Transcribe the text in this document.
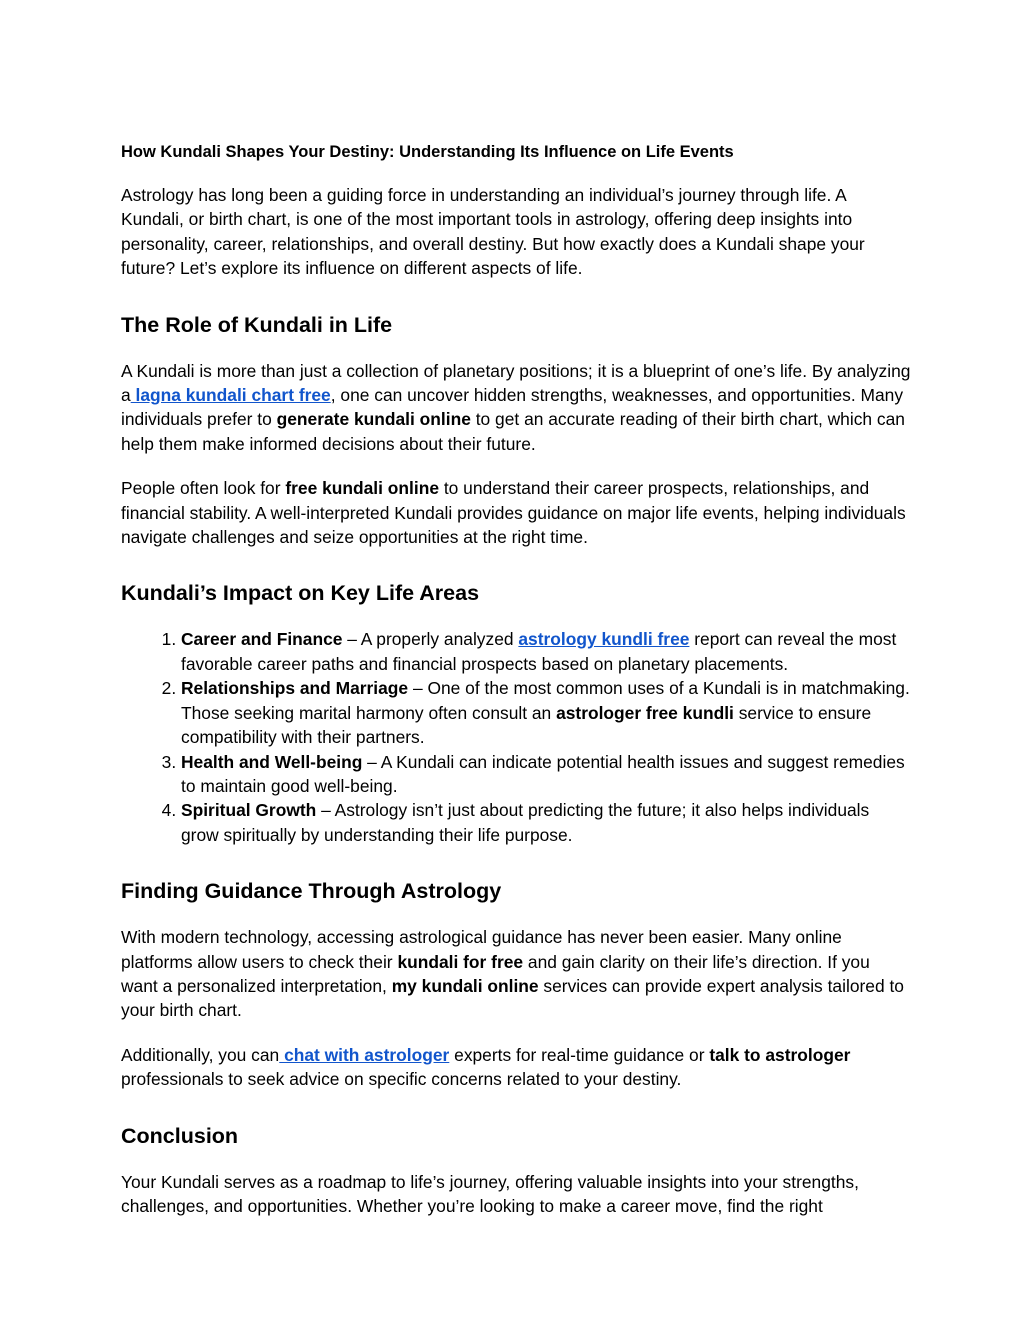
How Kundali Shapes Your Destiny: Understanding Its Influence on Life Events

Astrology has long been a guiding force in understanding an individual’s journey through life. A Kundali, or birth chart, is one of the most important tools in astrology, offering deep insights into personality, career, relationships, and overall destiny. But how exactly does a Kundali shape your future? Let’s explore its influence on different aspects of life.

The Role of Kundali in Life

A Kundali is more than just a collection of planetary positions; it is a blueprint of one’s life. By analyzing a lagna kundali chart free, one can uncover hidden strengths, weaknesses, and opportunities. Many individuals prefer to generate kundali online to get an accurate reading of their birth chart, which can help them make informed decisions about their future.

People often look for free kundali online to understand their career prospects, relationships, and financial stability. A well-interpreted Kundali provides guidance on major life events, helping individuals navigate challenges and seize opportunities at the right time.

Kundali’s Impact on Key Life Areas
1. Career and Finance – A properly analyzed astrology kundli free report can reveal the most favorable career paths and financial prospects based on planetary placements.
2. Relationships and Marriage – One of the most common uses of a Kundali is in matchmaking. Those seeking marital harmony often consult an astrologer free kundli service to ensure compatibility with their partners.
3. Health and Well-being – A Kundali can indicate potential health issues and suggest remedies to maintain good well-being.
4. Spiritual Growth – Astrology isn’t just about predicting the future; it also helps individuals grow spiritually by understanding their life purpose.
Finding Guidance Through Astrology

With modern technology, accessing astrological guidance has never been easier. Many online platforms allow users to check their kundali for free and gain clarity on their life’s direction. If you want a personalized interpretation, my kundali online services can provide expert analysis tailored to your birth chart.

Additionally, you can chat with astrologer experts for real-time guidance or talk to astrologer professionals to seek advice on specific concerns related to your destiny.

Conclusion

Your Kundali serves as a roadmap to life’s journey, offering valuable insights into your strengths, challenges, and opportunities. Whether you’re looking to make a career move, find the right
